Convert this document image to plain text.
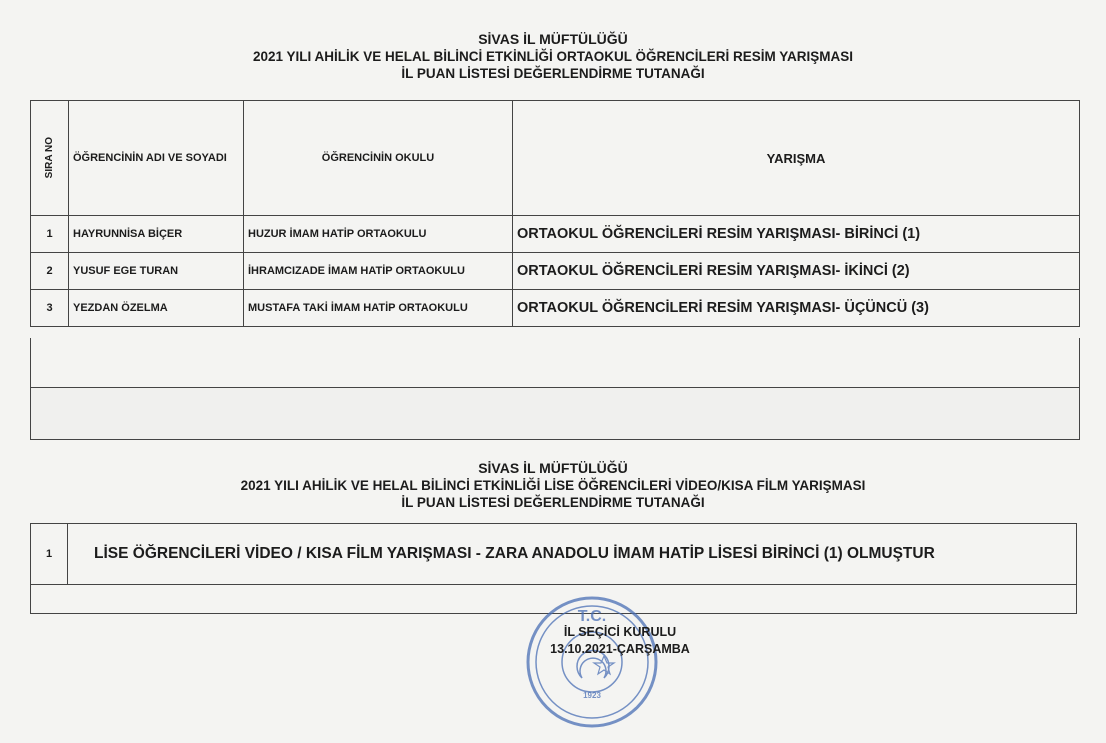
SİVAS İL MÜFTÜLÜĞÜ
2021 YILI AHİLİK VE HELAL BİLİNCİ ETKİNLİĞİ ORTAOKUL ÖĞRENCİLERİ RESİM YARIŞMASI
İL PUAN LİSTESİ DEĞERLENDİRME TUTANAĞI
SIRA NO	ÖĞRENCİNİN ADI VE SOYADI	ÖĞRENCİNİN OKULU	YARIŞMA
1	HAYRUNNİSA BİÇER	HUZUR İMAM HATİP ORTAOKULU	ORTAOKUL ÖĞRENCİLERİ RESİM YARIŞMASI- BİRİNCİ (1)
2	YUSUF EGE TURAN	İHRAMCIZADE İMAM HATİP ORTAOKULU	ORTAOKUL ÖĞRENCİLERİ RESİM YARIŞMASI- İKİNCİ (2)
3	YEZDAN ÖZELMA	MUSTAFA TAKİ İMAM HATİP ORTAOKULU	ORTAOKUL ÖĞRENCİLERİ RESİM YARIŞMASI- ÜÇÜNCÜ (3)
SİVAS İL MÜFTÜLÜĞÜ
2021 YILI AHİLİK VE HELAL BİLİNCİ ETKİNLİĞİ LİSE ÖĞRENCİLERİ VİDEO/KISA FİLM YARIŞMASI
İL PUAN LİSTESİ DEĞERLENDİRME TUTANAĞI
1	LİSE ÖĞRENCİLERİ VİDEO / KISA FİLM YARIŞMASI - ZARA ANADOLU İMAM HATİP LİSESİ BİRİNCİ (1) OLMUŞTUR
T.C.
1923
İL SEÇİCİ KURULU
13.10.2021-ÇARŞAMBA
